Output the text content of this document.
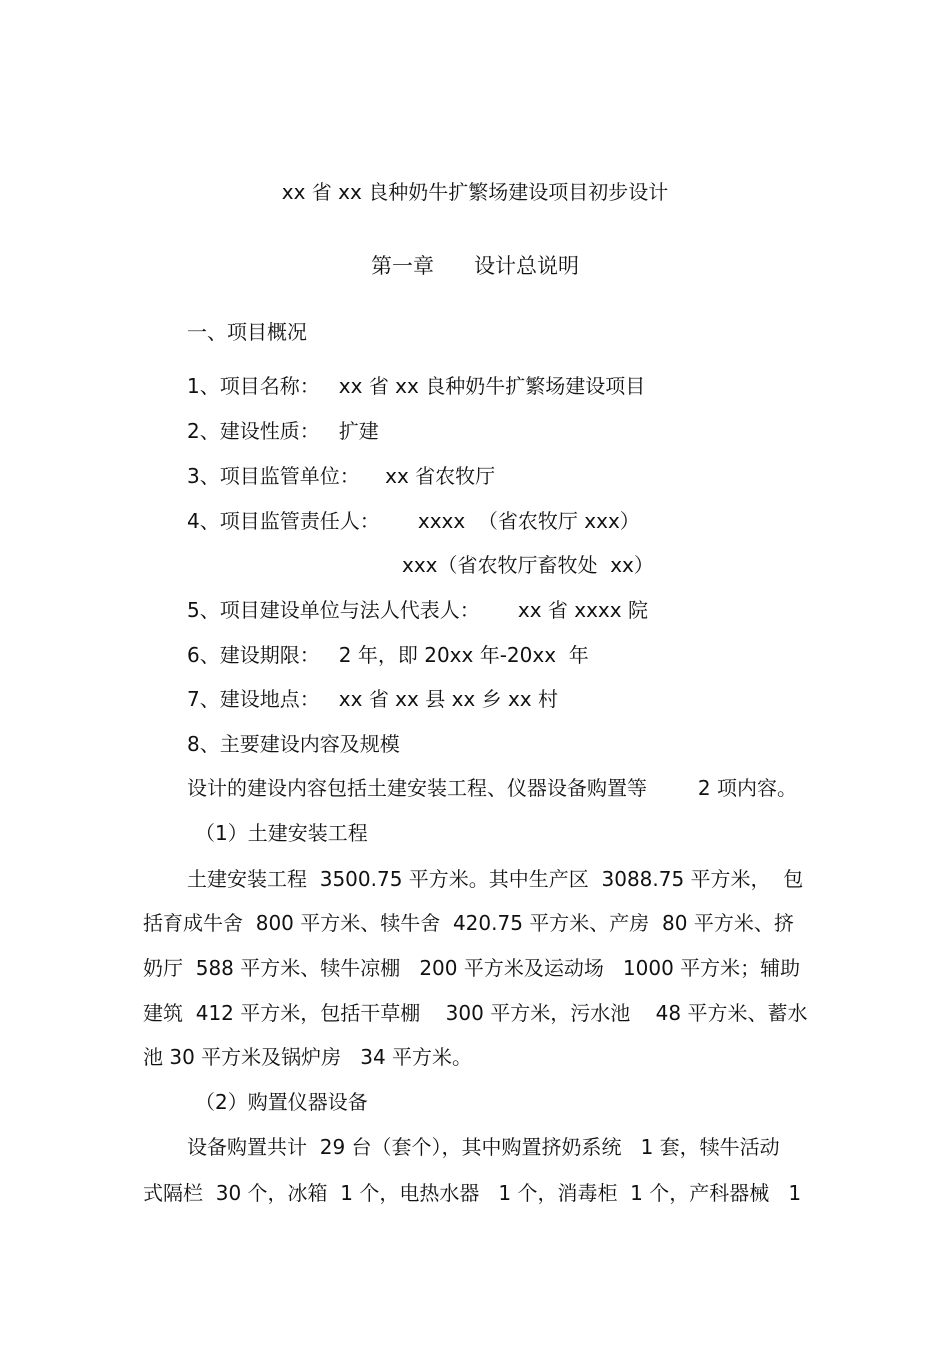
xx 省 xx 良种奶牛扩繁场建设项目初步设计
第一章      设计总说明
一、项目概况
1、项目名称：   xx 省 xx 良种奶牛扩繁场建设项目
2、建设性质：   扩建
3、项目监管单位：    xx 省农牧厅
4、项目监管责任人：      xxxx  （省农牧厅 xxx）
xxx（省农牧厅畜牧处  xx）
5、项目建设单位与法人代表人：      xx 省 xxxx 院
6、建设期限：   2 年，即 20xx 年-20xx  年
7、建设地点：   xx 省 xx 县 xx 乡 xx 村
8、主要建设内容及规模
设计的建设内容包括土建安装工程、仪器设备购置等        2 项内容。
（1）土建安装工程
土建安装工程  3500.75 平方米。其中生产区  3088.75 平方米，  包
括育成牛舍  800 平方米、犊牛舍  420.75 平方米、产房  80 平方米、挤
奶厅  588 平方米、犊牛凉棚   200 平方米及运动场   1000 平方米；辅助
建筑  412 平方米，包括干草棚    300 平方米，污水池    48 平方米、蓄水
池 30 平方米及锅炉房   34 平方米。
（2）购置仪器设备
设备购置共计  29 台（套个），其中购置挤奶系统   1 套，犊牛活动
式隔栏  30 个，冰箱  1 个，电热水器   1 个，消毒柜  1 个，产科器械   1
